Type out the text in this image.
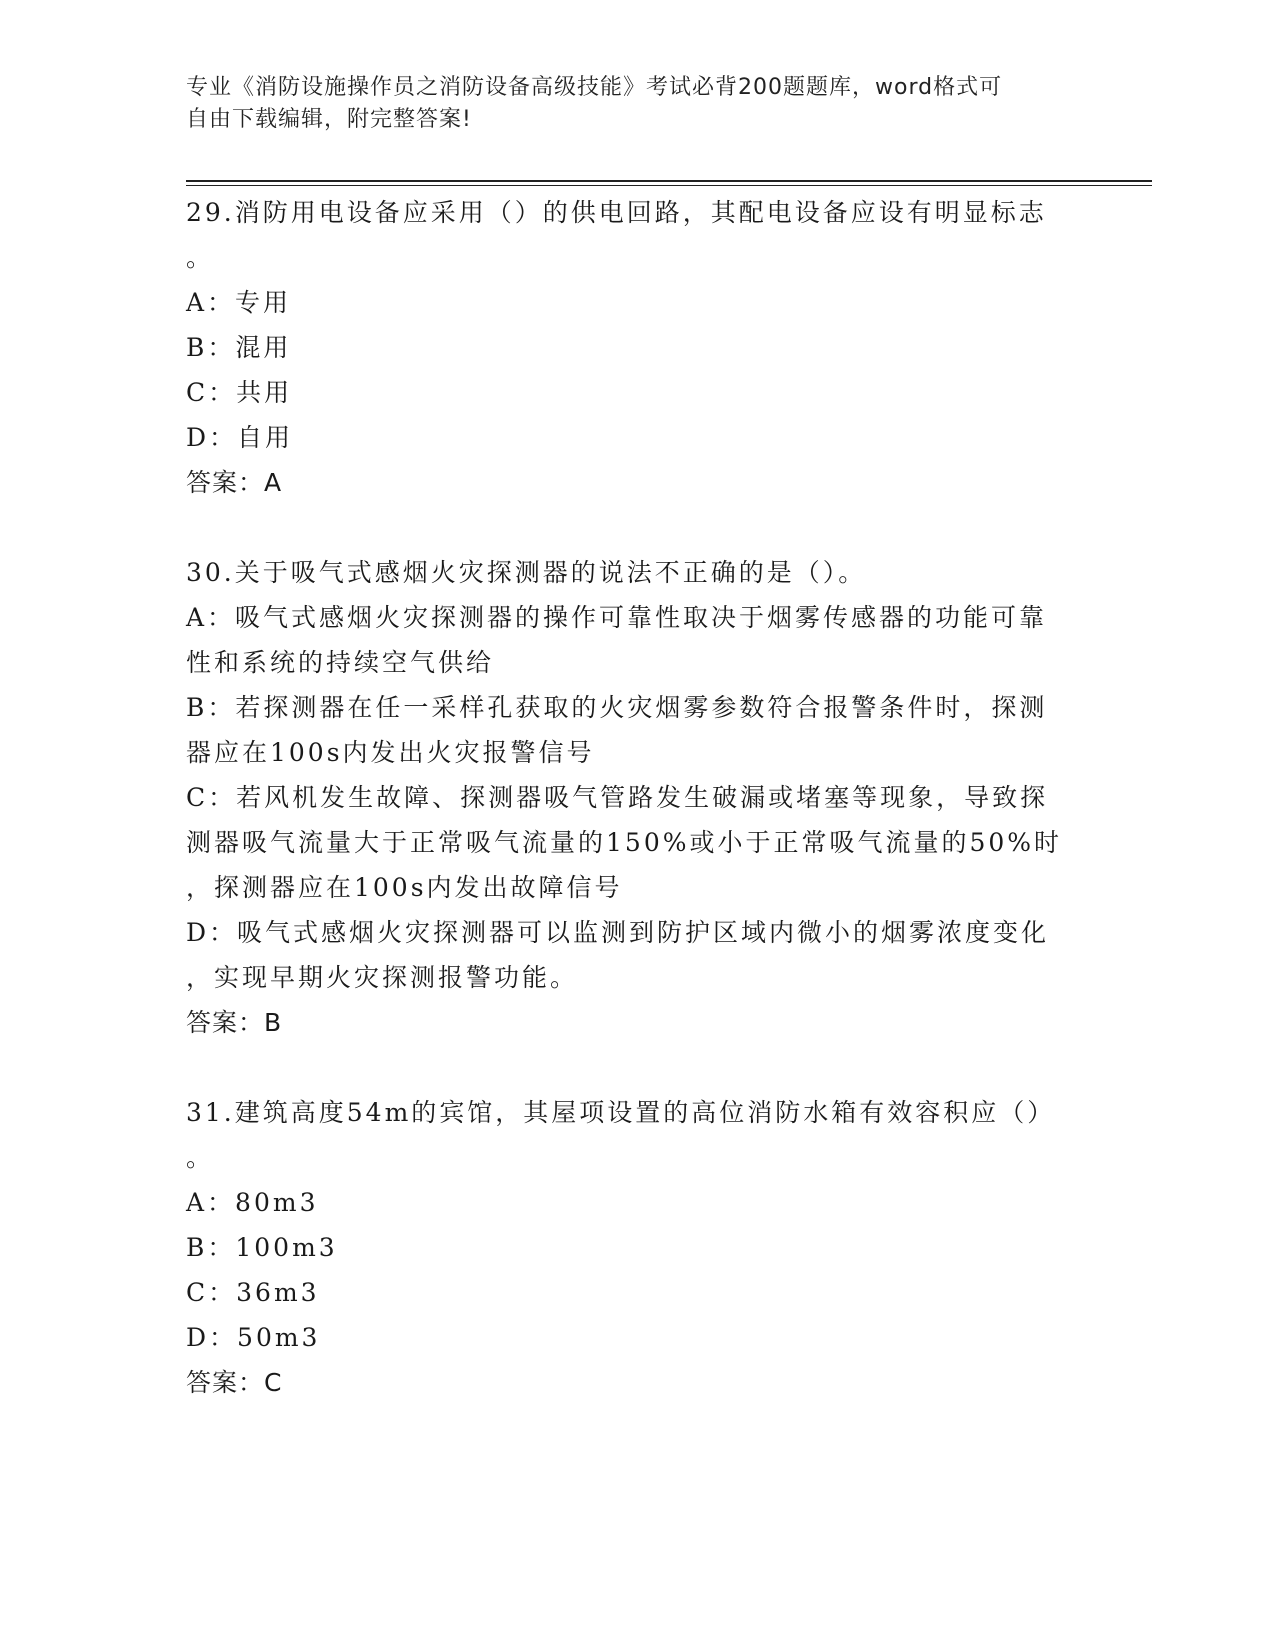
专业《消防设施操作员之消防设备高级技能》考试必背200题题库，word格式可
自由下载编辑，附完整答案!
29.消防用电设备应采用（）的供电回路，其配电设备应设有明显标志
。
A：专用
B：混用
C：共用
D：自用
答案：A
30.关于吸气式感烟火灾探测器的说法不正确的是（）。
A：吸气式感烟火灾探测器的操作可靠性取决于烟雾传感器的功能可靠
性和系统的持续空气供给
B：若探测器在任一采样孔获取的火灾烟雾参数符合报警条件时，探测
器应在100s内发出火灾报警信号
C：若风机发生故障、探测器吸气管路发生破漏或堵塞等现象，导致探
测器吸气流量大于正常吸气流量的150%或小于正常吸气流量的50%时
，探测器应在100s内发出故障信号
D：吸气式感烟火灾探测器可以监测到防护区域内微小的烟雾浓度变化
，实现早期火灾探测报警功能。
答案：B
31.建筑高度54m的宾馆，其屋项设置的高位消防水箱有效容积应（）
。
A：80m3
B：100m3
C：36m3
D：50m3
答案：C
